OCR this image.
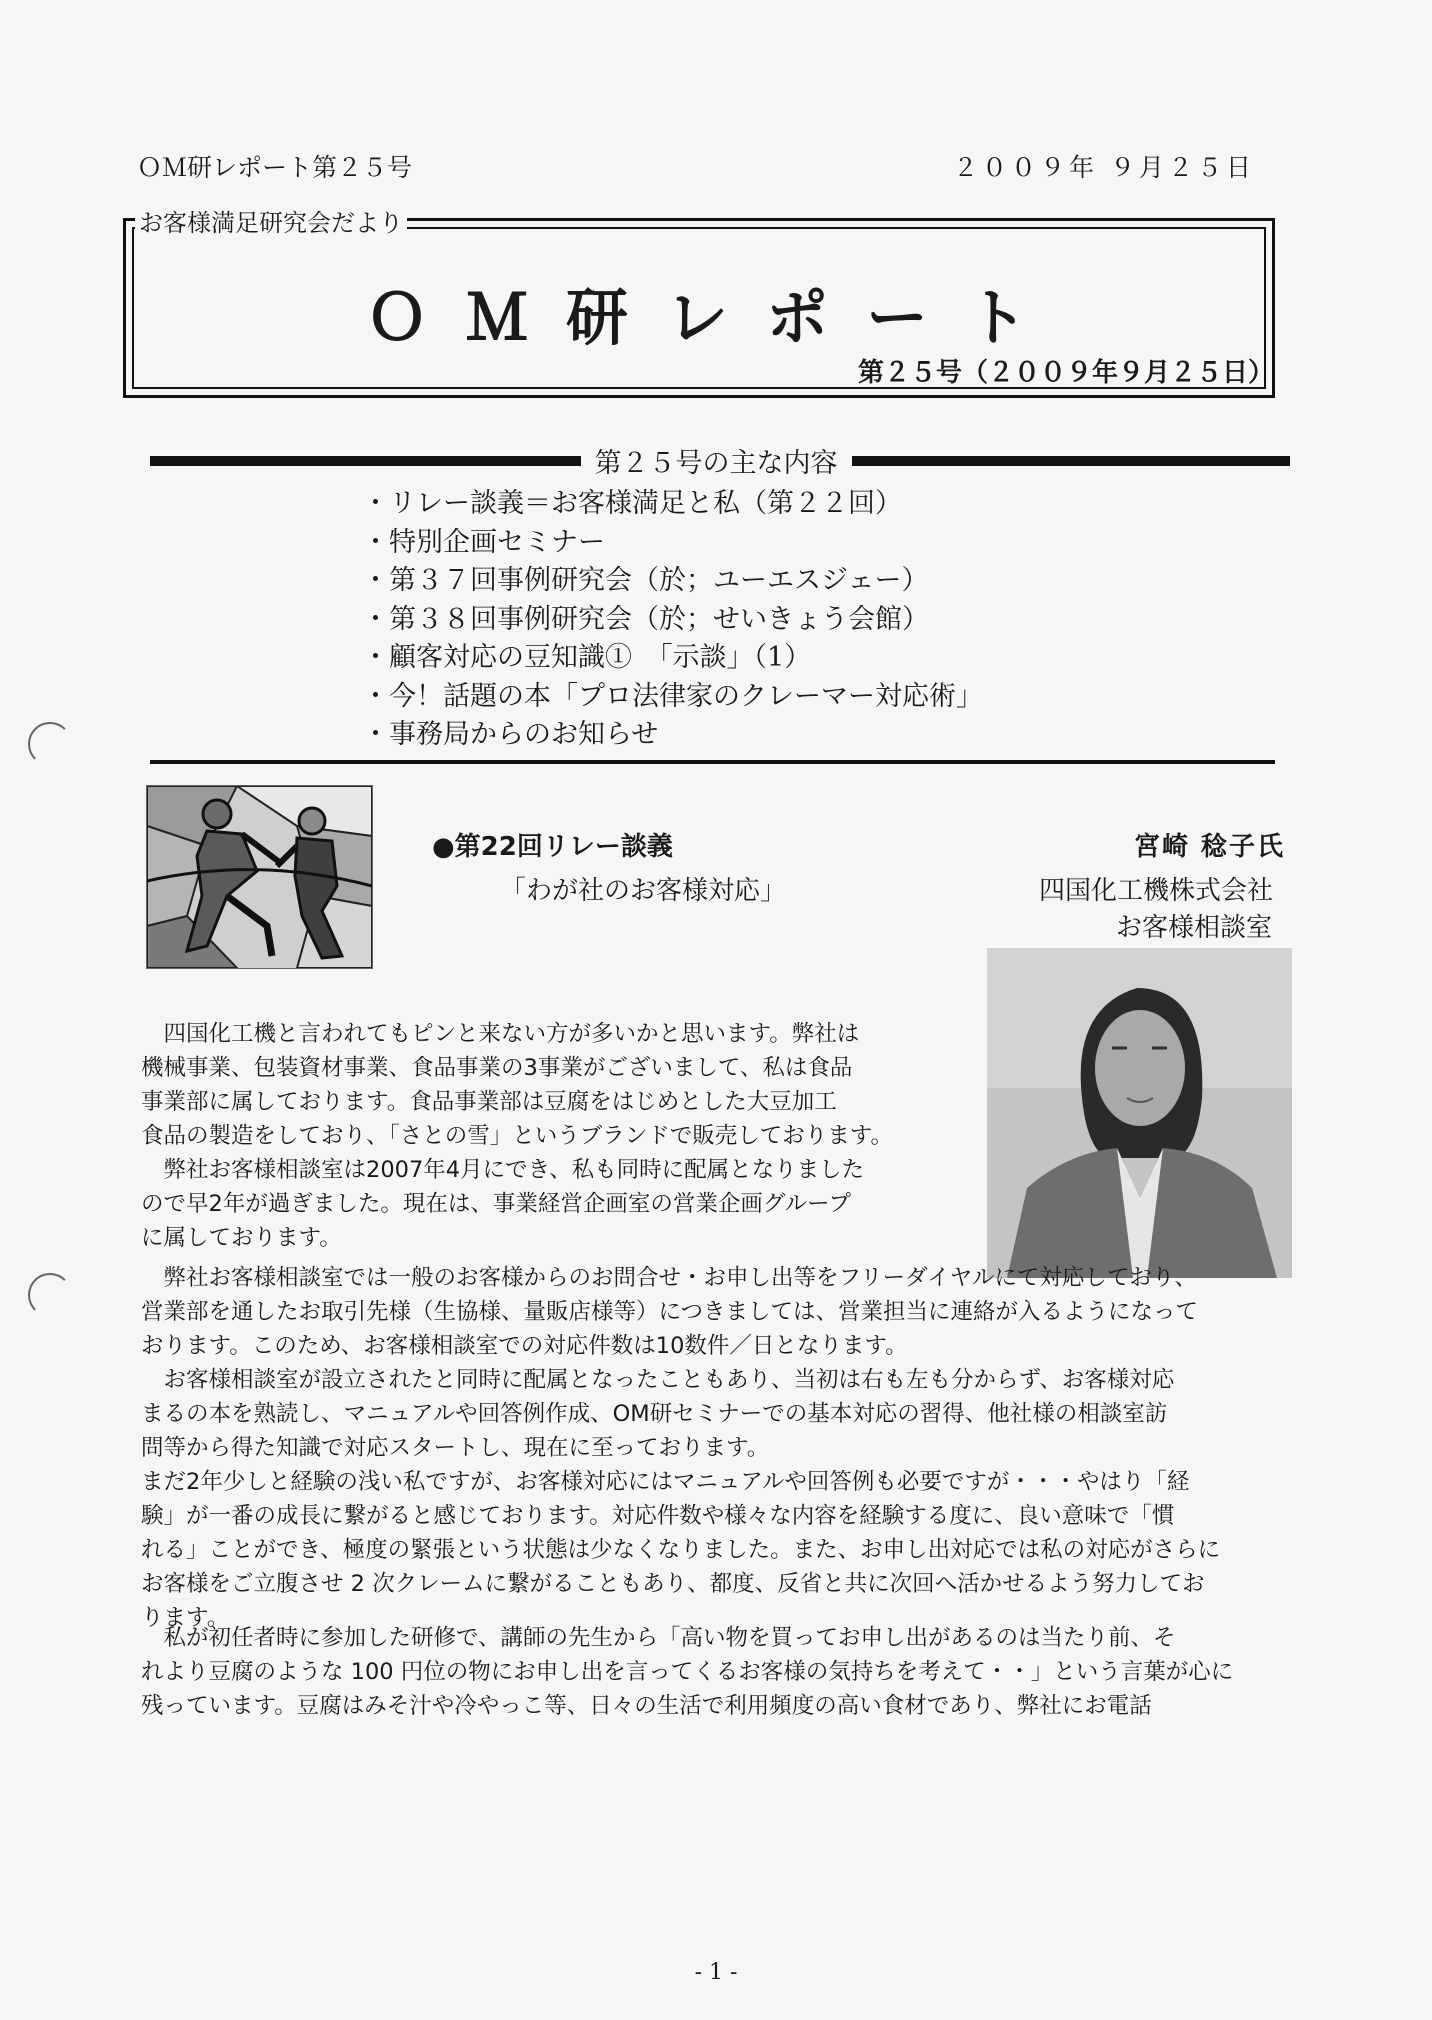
ＯＭ研レポート第２５号	２００９年 ９月２５日
お客様満足研究会だより
ＯＭ研レポート
第２５号（２００９年９月２５日）
第２５号の主な内容
・ リレー談義＝お客様満足と私（第２２回）
・ 特別企画セミナー
・ 第３７回事例研究会（於；ユーエスジェー）
・ 第３８回事例研究会（於；せいきょう会館）
・ 顧客対応の豆知識①　「示談」（1）
・ 今！話題の本「プロ法律家のクレーマー対応術」
・ 事務局からのお知らせ
●第22回リレー談義
「わが社のお客様対応」
宮崎 稔子氏
四国化工機株式会社
お客様相談室

　四国化工機と言われてもピンと来ない方が多いかと思います。弊社は

機械事業、包装資材事業、食品事業の3事業がございまして、私は食品

事業部に属しております。食品事業部は豆腐をはじめとした大豆加工

食品の製造をしており、「さとの雪」というブランドで販売しております。

　弊社お客様相談室は2007年4月にでき、私も同時に配属となりました

ので早2年が過ぎました。現在は、事業経営企画室の営業企画グループ

に属しております。

　弊社お客様相談室では一般のお客様からのお問合せ・お申し出等をフリーダイヤルにて対応しており、

営業部を通したお取引先様（生協様、量販店様等）につきましては、営業担当に連絡が入るようになって

おります。このため、お客様相談室での対応件数は10数件／日となります。

　お客様相談室が設立されたと同時に配属となったこともあり、当初は右も左も分からず、お客様対応

まるの本を熟読し、マニュアルや回答例作成、OM研セミナーでの基本対応の習得、他社様の相談室訪

問等から得た知識で対応スタートし、現在に至っております。

まだ2年少しと経験の浅い私ですが、お客様対応にはマニュアルや回答例も必要ですが・・・やはり「経

験」が一番の成長に繋がると感じております。対応件数や様々な内容を経験する度に、良い意味で「慣

れる」ことができ、極度の緊張という状態は少なくなりました。また、お申し出対応では私の対応がさらに

お客様をご立腹させ 2 次クレームに繋がることもあり、都度、反省と共に次回へ活かせるよう努力してお

ります。

　私が初任者時に参加した研修で、講師の先生から「高い物を買ってお申し出があるのは当たり前、そ

れより豆腐のような 100 円位の物にお申し出を言ってくるお客様の気持ちを考えて・・」という言葉が心に

残っています。豆腐はみそ汁や冷やっこ等、日々の生活で利用頻度の高い食材であり、弊社にお電話

- 1 -
